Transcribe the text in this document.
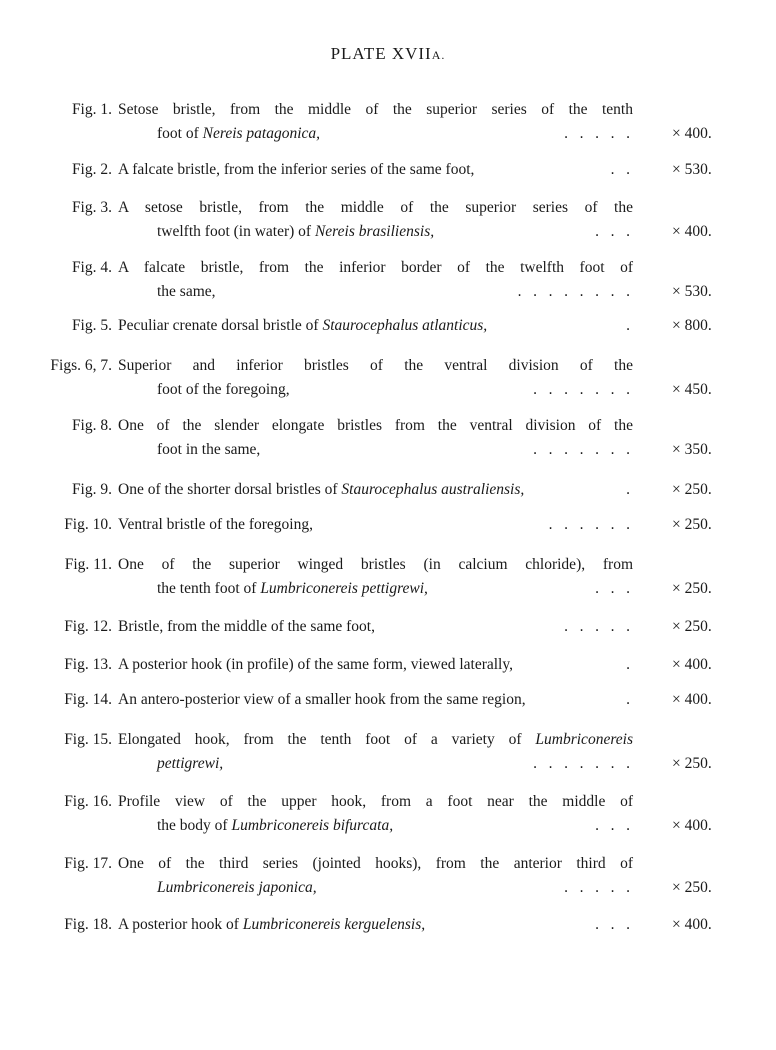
PLATE XVIIA.
Fig. 1. Setose bristle, from the middle of the superior series of the tenth
foot of Nereis patagonica,	.   .   .   .   .	× 400.
Fig. 2. A falcate bristle, from the inferior series of the same foot,	.   .	× 530.
Fig. 3. A setose bristle, from the middle of the superior series of the
twelfth foot (in water) of Nereis brasiliensis,	.   .   .	× 400.
Fig. 4. A falcate bristle, from the inferior border of the twelfth foot of
the same,	.   .   .   .   .   .   .   .	× 530.
Fig. 5. Peculiar crenate dorsal bristle of Staurocephalus atlanticus,	.	× 800.
Figs. 6, 7. Superior and inferior bristles of the ventral division of the
foot of the foregoing,	.   .   .   .   .   .   .	× 450.
Fig. 8. One of the slender elongate bristles from the ventral division of the
foot in the same,	.   .   .   .   .   .   .	× 350.
Fig. 9. One of the shorter dorsal bristles of Staurocephalus australiensis,	.	× 250.
Fig. 10. Ventral bristle of the foregoing,	.   .   .   .   .   .	× 250.
Fig. 11. One of the superior winged bristles (in calcium chloride), from
the tenth foot of Lumbriconereis pettigrewi,	.   .   .	× 250.
Fig. 12. Bristle, from the middle of the same foot,	.   .   .   .   .	× 250.
Fig. 13. A posterior hook (in profile) of the same form, viewed laterally,	.	× 400.
Fig. 14. An antero-posterior view of a smaller hook from the same region,	.	× 400.
Fig. 15. Elongated hook, from the tenth foot of a variety of Lumbriconereis
pettigrewi,	.   .   .   .   .   .   .	× 250.
Fig. 16. Profile view of the upper hook, from a foot near the middle of
the body of Lumbriconereis bifurcata,	.   .   .	× 400.
Fig. 17. One of the third series (jointed hooks), from the anterior third of
Lumbriconereis japonica,	.   .   .   .   .	× 250.
Fig. 18. A posterior hook of Lumbriconereis kerguelensis,	.   .   .	× 400.
